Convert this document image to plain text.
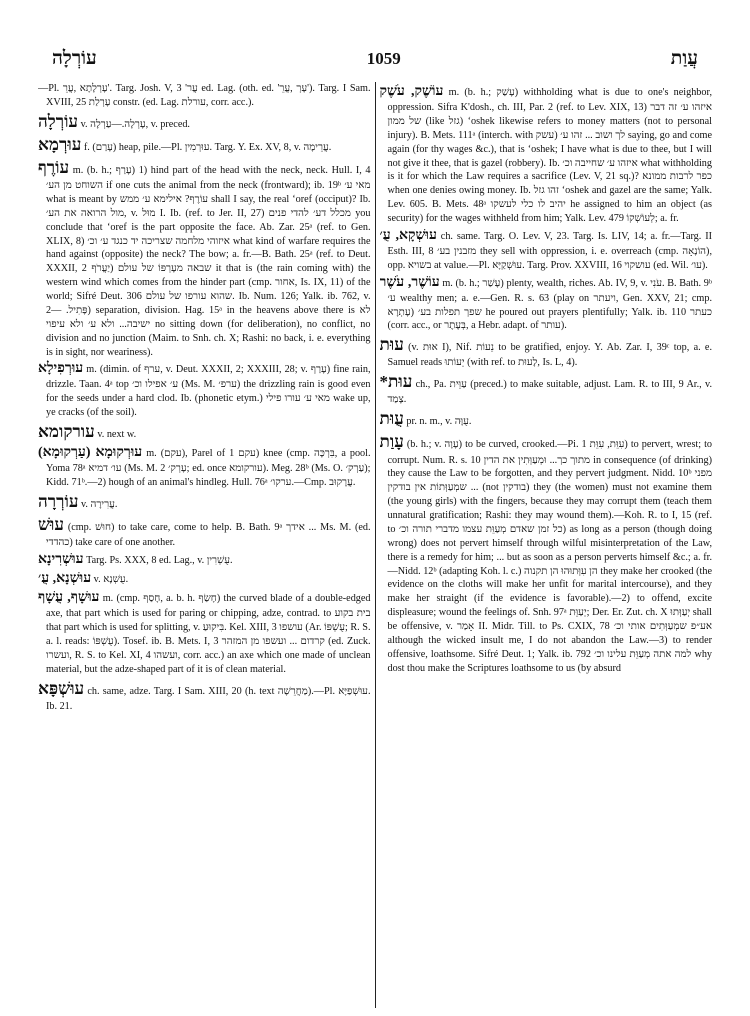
עוֹרְלָה	1059	עֲוַת

—Pl. עָרְלָתָא ,עֲרֵ'. Targ. Josh. V, 3 'עֲר ed. Lag. (oth. ed. 'עָרְ ,עֲרֵ'). Targ. I Sam. XVIII, 25 עָרְלַת constr. (ed. Lag. עורלת, corr. acc.).

עוֹרְלָה v. עָרְלָה.—עַרְלָה, v. preced.

עוּרְמָא f. (עָרַם) heap, pile.—Pl. עוּרְמִין. Targ. Y. Ex. XV, 8, v. עֲרֵימָה.

עוֹרֶף m. (b. h.; עָרַף) 1) hind part of the head with the neck, neck. Hull. I, 4 השוחט מן הע׳ if one cuts the animal from the neck (frontward); ib. 19ᵇ מאי ע׳ what is meant by עוֹרֶף? אילימא ע׳ ממש shall I say, the real ʻoref (occiput)? Ib. מול הרואה את הע׳, v. מוּל I. Ib. (ref. to Jer. II, 27) מכלל דע׳ להדי פנים you conclude that ʻoref is the part opposite the face. Ab. Zar. 25ᵃ (ref. to Gen. XLIX, 8) איזוהי מלחמה שצריכה יד כנגד ע׳ וכ׳ what kind of warfare requires the hand against (opposite) the neck? The bow; a. fr.—B. Bath. 25ᵃ (ref. to Deut. XXXII, 2 יַעֲרֹף) שבאה מעָרְפּוֹ של עולם ‎it that is (the rain coming with) the western wind which comes from the hinder part (cmp. אחור, Is. IX, 11) of the world; Sifré Deut. 306 שהוא עורפו של עולם. Ib. Num. 126; Yalk. ib. 762, v. פָּתִיל. —2) separation, division. Hag. 15ᵃ in the heavens above there is לא ישיבה... ולא ע׳ ולא עיפוי no sitting down (for deliberation), no conflict, no division and no junction (Maim. to Snh. ch. X; Rashi: no back, i. e. everything is in sight, nor weariness).

עוּרְפִילָא m. (dimin. of ערף, v. Deut. XXXII, 2; XXXIII, 28; v. עָרַף) fine rain, drizzle. Taan. 4ᵃ top ע׳ אפילו וכ׳ (Ms. M. ערפ׳) the drizzling rain is good even for the seeds under a hard clod. Ib. (phonetic etym.) מאי ע׳ עורו פילי wake up, ye cracks (of the soil).

עורקומא v. next w.

עוּרְקוּמָא (עַרְקוּמָא) m. (עקם), Parel of עקם 1) knee (cmp. בִּרְכָּה, a pool. Yoma 78ᵃ עו׳ דמיא (Ms. M. 2 עָרְק׳; ed. once עורקומא). Meg. 28ᵇ (Ms. O. עַרְק׳); Kidd. 71ᵇ.—2) hough of an animal's hindleg. Hull. 76ᵃ ערקו׳.—Cmp. עֲרָקוּב.

עוֹרְרָה v. עֲרִירָה.

עוּשׁ (cmp. חוּשׁ) to take care, come to help. B. Bath. 9ᵃ אידך ... Ms. M. (ed. כהדדי) take care of one another.

עוּשְׁרִינָא Targ. Ps. XXX, 8 ed. Lag., v. עֻשְׁרִין.

עוּשְׁנָא, עֻ׳ v. עֻשְׁנָא.

עוּשָׁף, עֻשָׁף m. (cmp. חָסַף, a. b. h. חָשַׂף) the curved blade of a double-edged axe, that part which is used for paring or chipping, adze, contrad. to בית בקוע that part which is used for splitting, v. בִּיקוּעַ. Kel. XIII, 3 עושפו (Ar. עֻשְׁפּוֹ; R. S. a. l. reads: עֻשְׁפּוֹ). Tosef. ib. B. Mets. I, 3 קרדום ... ועשפו מן המזהר (ed. Zuck. ועשרו, R. S. to Kel. XI, 4 ועשהו, corr. acc.) an axe which one made of unclean material, but the adze-shaped part of it is of clean material.

עוּשְׁפָּא ch. same, adze. Targ. I Sam. XIII, 20 (h. text מַחֲרֵשָׁה).—Pl. עוּשְׁפַיָּא. Ib. 21.

עוֹשֶׁק, עֹשֶׁק m. (b. h.; עָשַׁק) withholding what is due to one's neighbor, oppression. Sifra K'dosh., ch. III, Par. 2 (ref. to Lev. XIX, 13) איזהו ע׳ זה דבר של ממון (like גזל) ʻoshek likewise refers to money matters (not to personal injury). B. Mets. 111ᵃ (interch. with עשק) לך ושוב ... זהו ע׳ saying, go and come again (for thy wages &c.), that is ʻoshek; I have what is due to thee, but I will not give it thee, that is gazel (robbery). Ib. איזהו ע׳ שחייבה וכ׳ what withholding is it for which the Law requires a sacrifice (Lev. V, 21 sq.)? כפר לרבות ממונא when one denies owing money. Ib. זהו גזל ʻoshek and gazel are the same; Yalk. Lev. 605. B. Mets. 48ᵃ יהיב לו כלי לעשקו he assigned to him an object (as security) for the wages withheld from him; Yalk. Lev. 479 לְעוֹשְׁקוֹ; a. fr.

עוּשְׁקָא, עֻ׳ ch. same. Targ. O. Lev. V, 23. Targ. Is. LIV, 14; a. fr.—Targ. II Esth. III, 8 מזבנין בע׳ they sell with oppression, i. e. overreach (cmp. הוֹנָאָה), opp. בשויא at value.—Pl. עוּשְׁקַיָּא. Targ. Prov. XXVIII, 16 עושקוי (ed. Wil. עו׳).

עוֹשֶׁר, עֹשֶׁר m. (b. h.; עָשַׁר) plenty, wealth, riches. Ab. IV, 9, v. עֹנִי. B. Bath. 9ᵇ ע׳ wealthy men; a. e.—Gen. R. s. 63 (play on ויעתר, Gen. XXV, 21; cmp. עָתְרָא) שפך תפלות בע׳ he poured out prayers plentifully; Yalk. ib. 110 כעתר (corr. acc., or בְּעֶתֶר, a Hebr. adapt. of עותר).

עוּת (v. אוּת I), Nif. נֵעוֹת to be gratified, enjoy. Y. Ab. Zar. I, 39ᶜ top, a. e. Samuel reads יֵעוֹתוּ (with ref. to לָעוּת, Is. L, 4).

*עוּת ch., Pa. עַוֵּית (preced.) to make suitable, adjust. Lam. R. to III, 9 Ar., v. צָמַד.

עֻוּת pr. n. m., v. עֻוָּה.

עָוַת (b. h.; v. עָוָה) to be curved, crooked.—Pi. עִוֵּת, עִוֵּת 1) to pervert, wrest; to corrupt. Num. R. s. 10 מתוך כך... וּמְעַוְּתִין את הדין in consequence (of drinking) they cause the Law to be forgotten, and they pervert judgment. Nidd. 10ᵇ מפני שמְעַוְּתוֹת אין בודקין ... (not בודקין) they (the women) must not examine them (the young girls) with the fingers, because they may corrupt them (teach them unnatural gratification; Rashi: they may wound them).—Koh. R. to I, 15 (ref. to כל זמן שאדם מְעַוֵּת עצמו מדברי תורה וכ׳) as long as a person (though doing wrong) does not pervert himself through wilful misinterpretation of the Law, there is a remedy for him; ... but as soon as a person perverts himself &c.; a. fr.—Nidd. 12ᵇ (adapting Koh. l. c.) הן עִוְּתוּהוּ הן תקנוה they make her crooked (the evidence on the cloths will make her unfit for marital intercourse), and they make her straight (if the evidence is favorable).—2) to offend, excite displeasure; wound the feelings of. Snh. 97ᵃ יְעַוֵּת; Der. Er. Zut. ch. X יְעַוְּתוּ shall be offensive, v. אָמַר II. Midr. Till. to Ps. CXIX, 78 אע״פ שמְעַוְּתִים אותי וכ׳ although the wicked insult me, I do not abandon the Law.—3) to render offensive, loathsome. Sifré Deut. 1; Yalk. ib. 792 למה אתה מְעַוֵּת עלינו וכ׳ why dost thou make the Scriptures loathsome to us (by absurd
